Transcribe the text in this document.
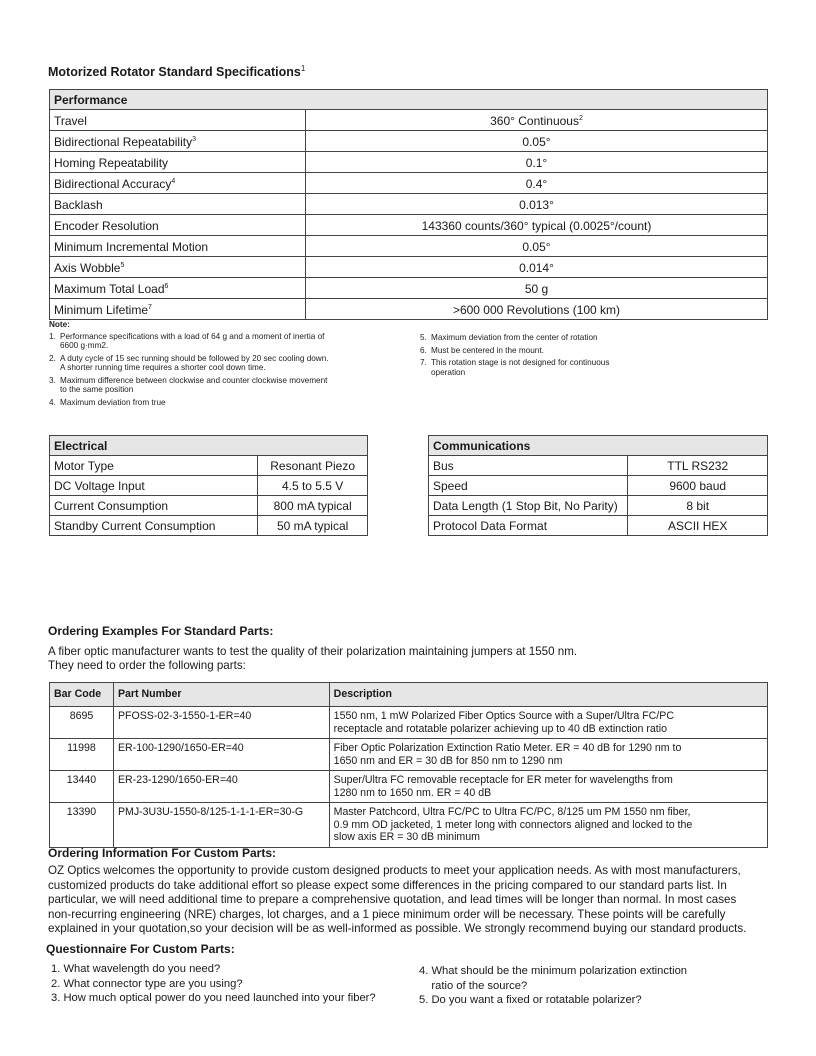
Motorized Rotator Standard Specifications$^1$
Performance	
Travel	360° Continuous$^2$
Bidirectional Repeatability$^3$	0.05°
Homing Repeatability	0.1°
Bidirectional Accuracy$^4$	0.4°
Backlash	0.013°
Encoder Resolution	143360 counts/360° typical (0.0025°/count)
Minimum Incremental Motion	0.05°
Axis Wobble$^5$	0.014°
Maximum Total Load$^6$	50 g
Minimum Lifetime$^7$	>600 000 Revolutions (100 km)
Note:
1. Performance specifications with a load of 64 g and a moment of inertia of 6600 g·mm2.
2. A duty cycle of 15 sec running should be followed by 20 sec cooling down. A shorter running time requires a shorter cool down time.
3. Maximum difference between clockwise and counter clockwise movement to the same position
4. Maximum deviation from true
5. Maximum deviation from the center of rotation
6. Must be centered in the mount.
7. This rotation stage is not designed for continuous operation
Electrical	
Motor Type	Resonant Piezo
DC Voltage Input	4.5 to 5.5 V
Current Consumption	800 mA typical
Standby Current Consumption	50 mA typical
Communications	
Bus	TTL RS232
Speed	9600 baud
Data Length (1 Stop Bit, No Parity)	8 bit
Protocol Data Format	ASCII HEX
Ordering Examples For Standard Parts:
A fiber optic manufacturer wants to test the quality of their polarization maintaining jumpers at 1550 nm.
They need to order the following parts:
Bar Code	Part Number	Description
8695	PFOSS-02-3-1550-1-ER=40	1550 nm, 1 mW Polarized Fiber Optics Source with a Super/Ultra FC/PC
receptacle and rotatable polarizer achieving up to 40 dB extinction ratio

11998	ER-100-1290/1650-ER=40	Fiber Optic Polarization Extinction Ratio Meter. ER = 40 dB for 1290 nm to
1650 nm and ER = 30 dB for 850 nm to 1290 nm

13440	ER-23-1290/1650-ER=40	Super/Ultra FC removable receptacle for ER meter for wavelengths from
1280 nm to 1650 nm. ER = 40 dB

13390	PMJ-3U3U-1550-8/125-1-1-1-ER=30-G	Master Patchcord, Ultra FC/PC to Ultra FC/PC, 8/125 um PM 1550 nm fiber,
0.9 mm OD jacketed, 1 meter long with connectors aligned and locked to the
slow axis ER = 30 dB minimum
Ordering Information For Custom Parts:
OZ Optics welcomes the opportunity to provide custom designed products to meet your application needs. As with most manufacturers,
customized products do take additional effort so please expect some differences in the pricing compared to our standard parts list. In
particular, we will need additional time to prepare a comprehensive quotation, and lead times will be longer than normal. In most cases
non-recurring engineering (NRE) charges, lot charges, and a 1 piece minimum order will be necessary. These points will be carefully
explained in your quotation,so your decision will be as well-informed as possible. We strongly recommend buying our standard products.
Questionnaire For Custom Parts:
1. What wavelength do you need?
2. What connector type are you using?
3. How much optical power do you need launched into your fiber?
4. What should be the minimum polarization extinction
ratio of the source?
5. Do you want a fixed or rotatable polarizer?
